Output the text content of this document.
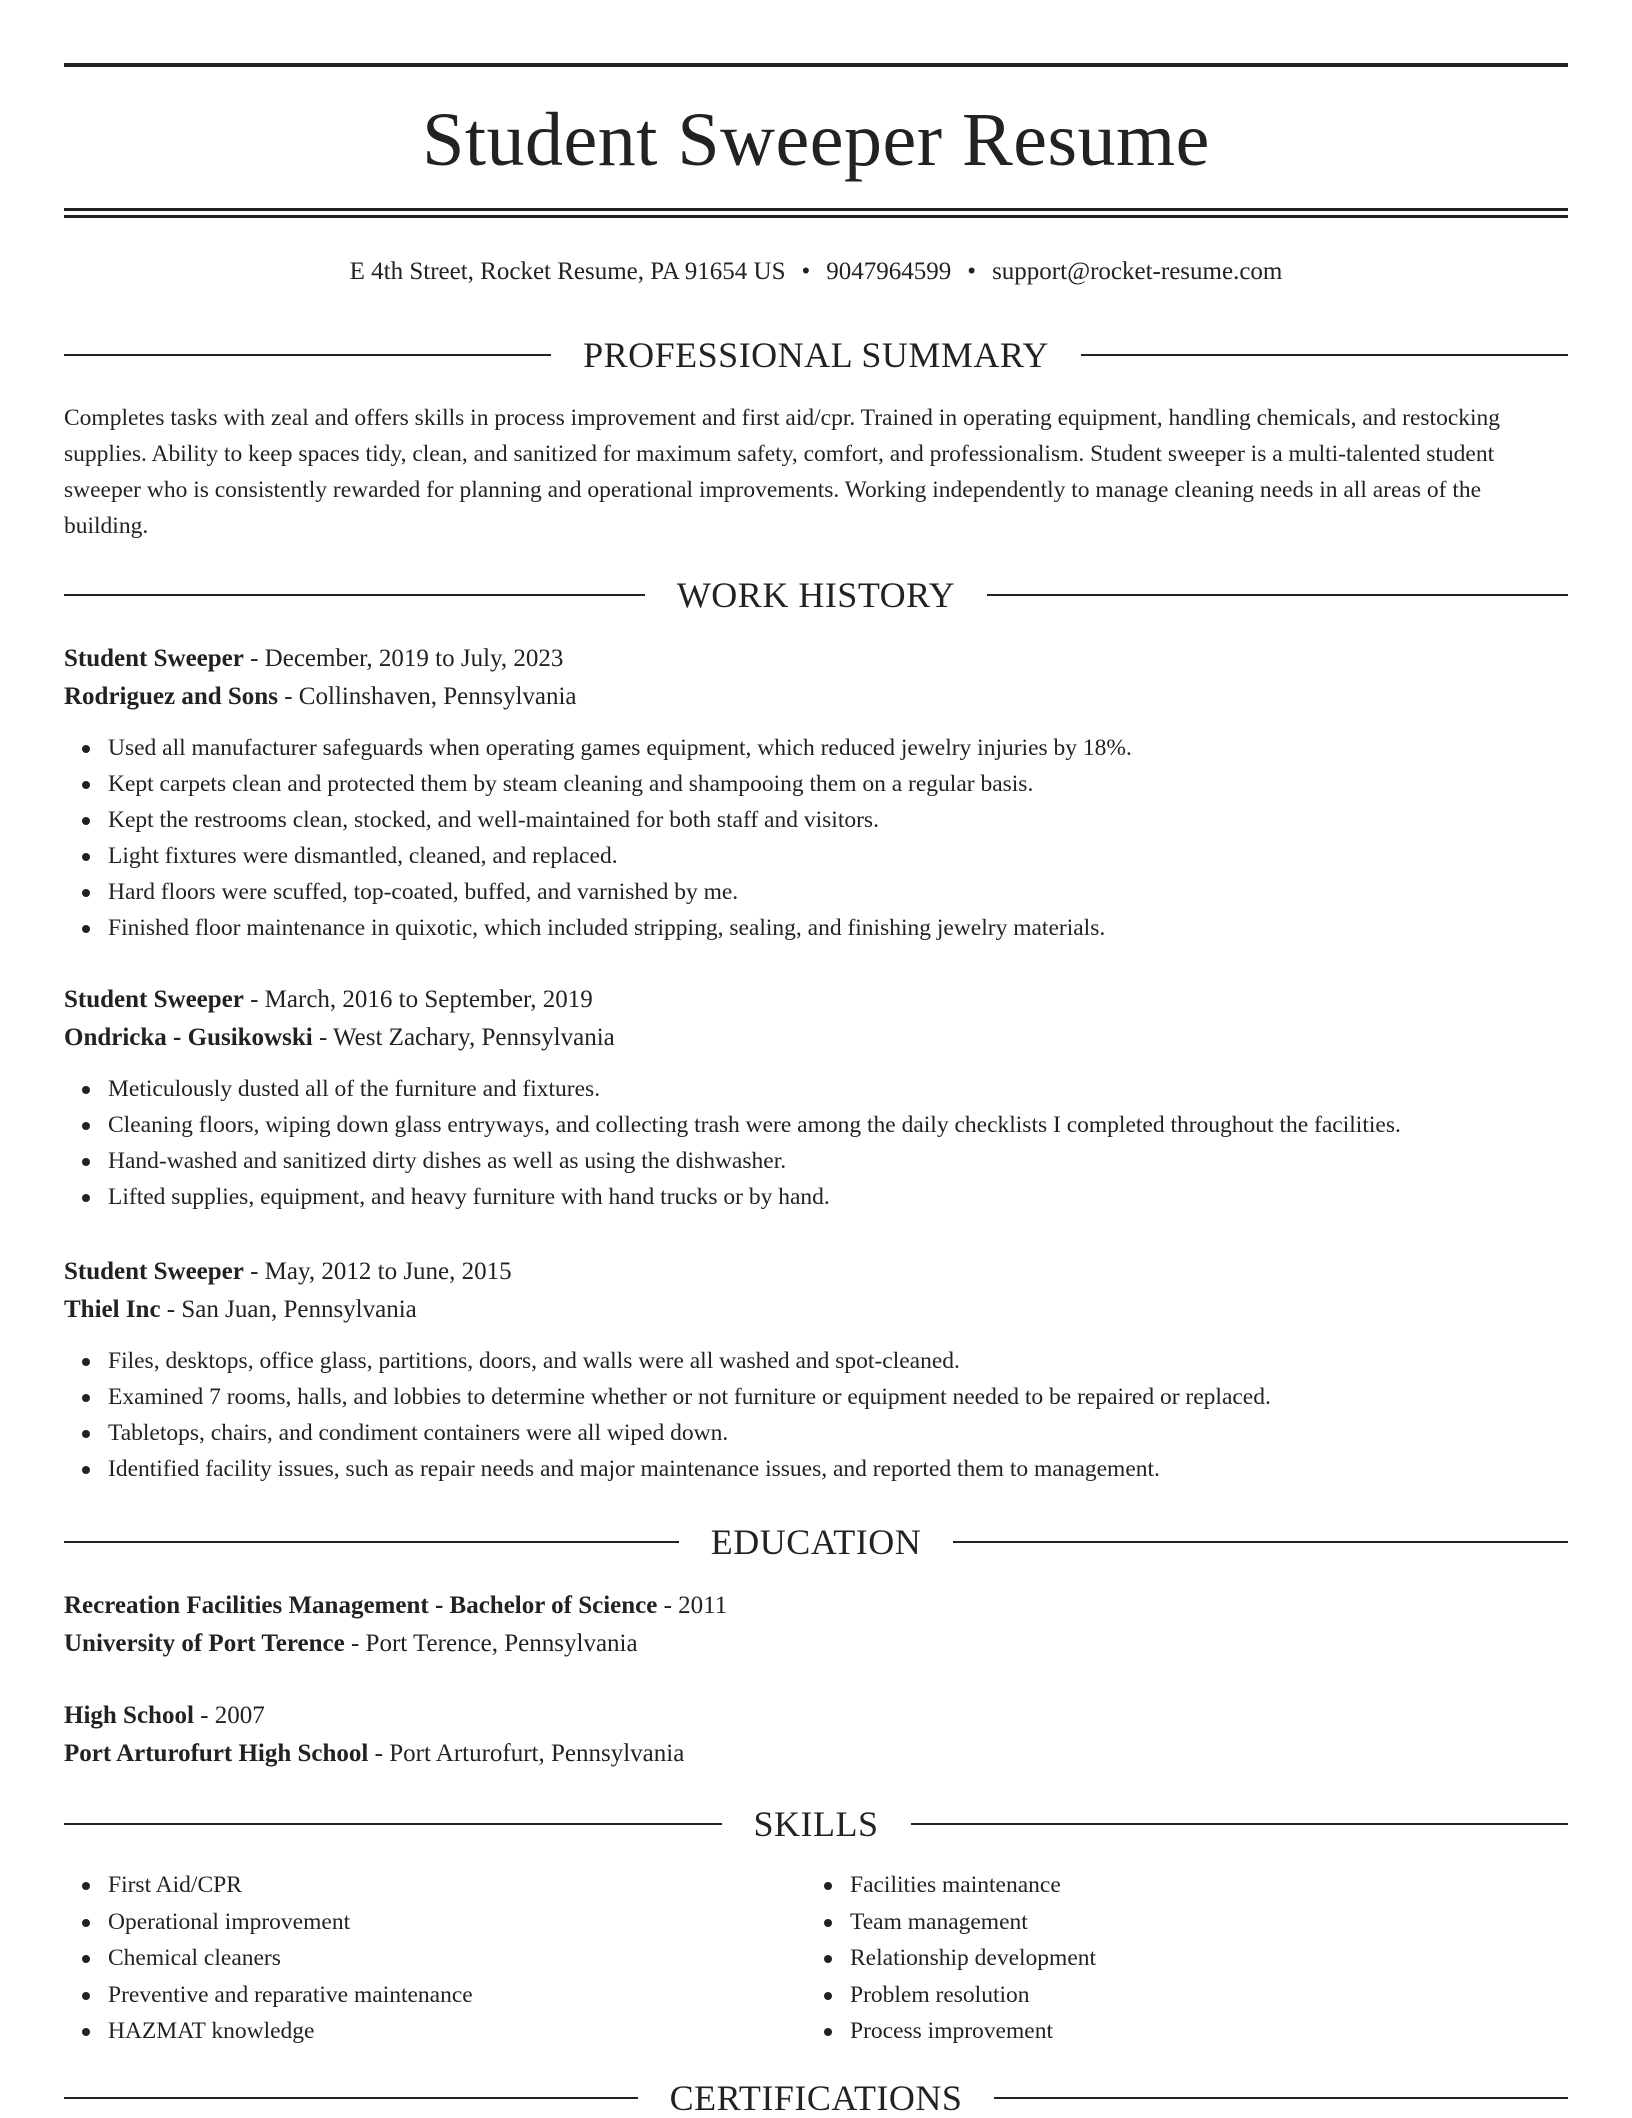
Student Sweeper Resume
E 4th Street, Rocket Resume, PA 91654 US • 9047964599 • support@rocket-resume.com
PROFESSIONAL SUMMARY
Completes tasks with zeal and offers skills in process improvement and first aid/cpr. Trained in operating equipment, handling chemicals, and restocking supplies. Ability to keep spaces tidy, clean, and sanitized for maximum safety, comfort, and professionalism. Student sweeper is a multi-talented student sweeper who is consistently rewarded for planning and operational improvements. Working independently to manage cleaning needs in all areas of the building.
WORK HISTORY
Student Sweeper - December, 2019 to July, 2023
Rodriguez and Sons - Collinshaven, Pennsylvania
Used all manufacturer safeguards when operating games equipment, which reduced jewelry injuries by 18%.
Kept carpets clean and protected them by steam cleaning and shampooing them on a regular basis.
Kept the restrooms clean, stocked, and well-maintained for both staff and visitors.
Light fixtures were dismantled, cleaned, and replaced.
Hard floors were scuffed, top-coated, buffed, and varnished by me.
Finished floor maintenance in quixotic, which included stripping, sealing, and finishing jewelry materials.
Student Sweeper - March, 2016 to September, 2019
Ondricka - Gusikowski - West Zachary, Pennsylvania
Meticulously dusted all of the furniture and fixtures.
Cleaning floors, wiping down glass entryways, and collecting trash were among the daily checklists I completed throughout the facilities.
Hand-washed and sanitized dirty dishes as well as using the dishwasher.
Lifted supplies, equipment, and heavy furniture with hand trucks or by hand.
Student Sweeper - May, 2012 to June, 2015
Thiel Inc - San Juan, Pennsylvania
Files, desktops, office glass, partitions, doors, and walls were all washed and spot-cleaned.
Examined 7 rooms, halls, and lobbies to determine whether or not furniture or equipment needed to be repaired or replaced.
Tabletops, chairs, and condiment containers were all wiped down.
Identified facility issues, such as repair needs and major maintenance issues, and reported them to management.
EDUCATION
Recreation Facilities Management - Bachelor of Science - 2011
University of Port Terence - Port Terence, Pennsylvania
High School - 2007
Port Arturofurt High School - Port Arturofurt, Pennsylvania
SKILLS
First Aid/CPR
Operational improvement
Chemical cleaners
Preventive and reparative maintenance
HAZMAT knowledge
Facilities maintenance
Team management
Relationship development
Problem resolution
Process improvement
CERTIFICATIONS
